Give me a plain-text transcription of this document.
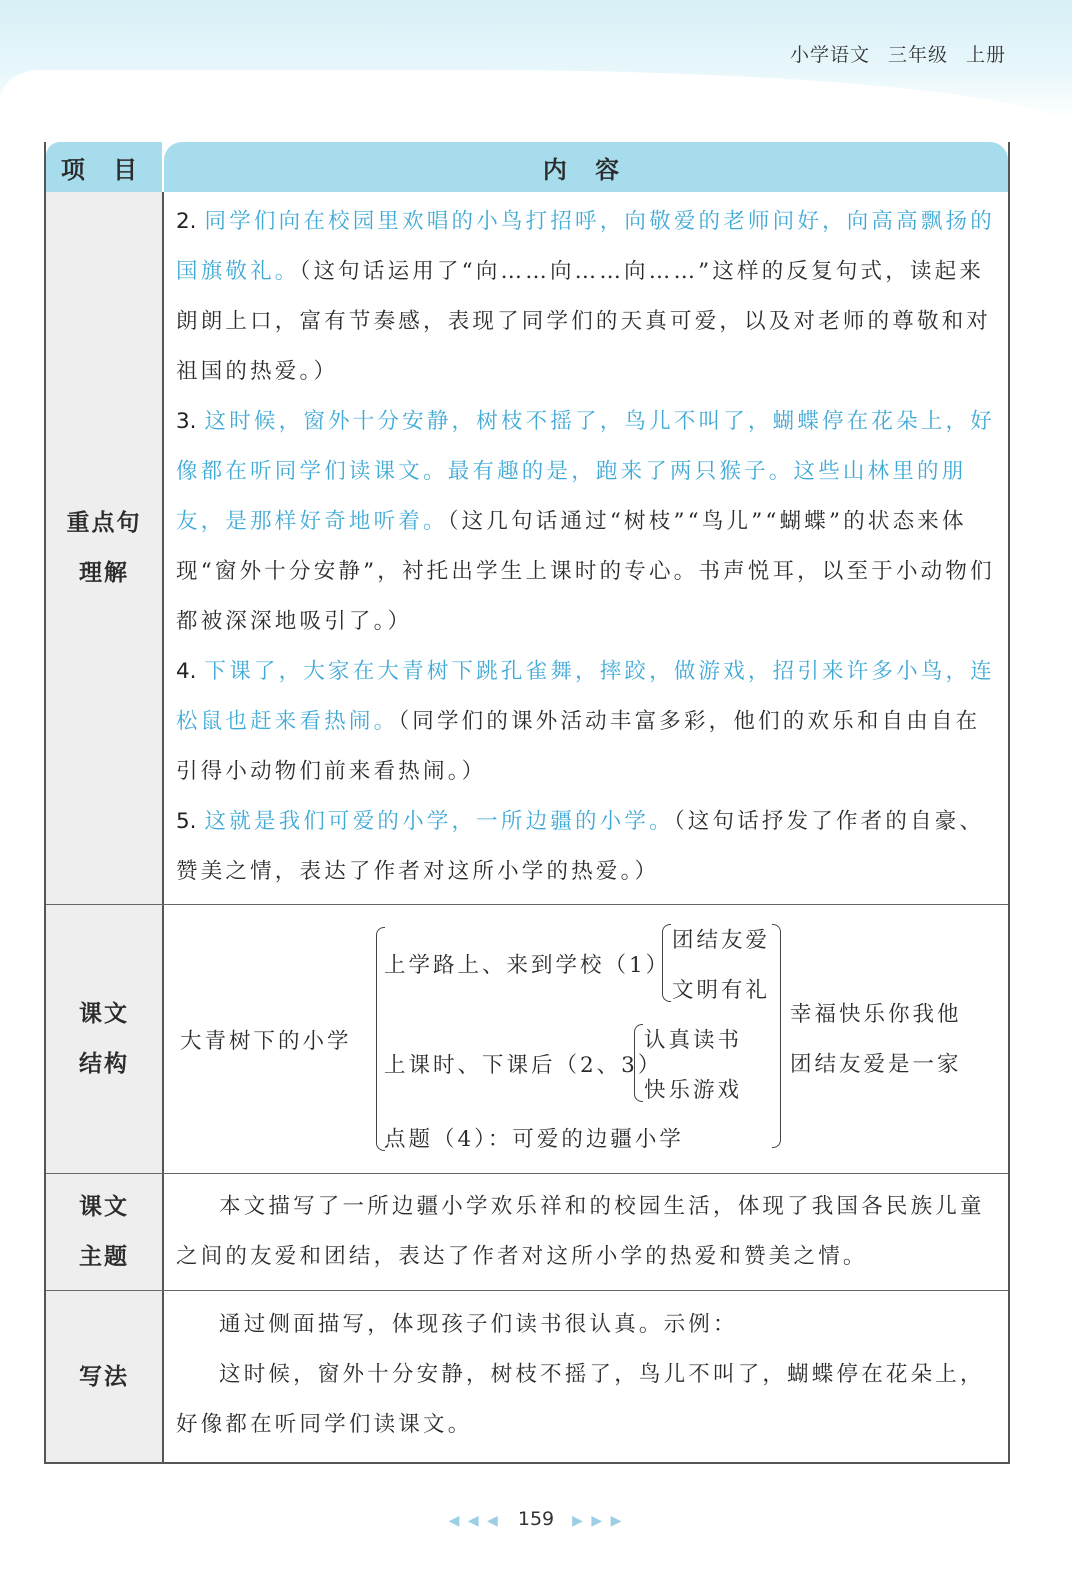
小学语文 三年级 上册
项 目	内 容
重点句
理解

2. 同学们向在校园里欢唱的小鸟打招呼，向敬爱的老师问好，向高高飘扬的国旗敬礼。（这句话运用了“向……向……向……”这样的反复句式，读起来朗朗上口，富有节奏感，表现了同学们的天真可爱，以及对老师的尊敬和对祖国的热爱。）

3. 这时候，窗外十分安静，树枝不摇了，鸟儿不叫了，蝴蝶停在花朵上，好像都在听同学们读课文。最有趣的是，跑来了两只猴子。这些山林里的朋友，是那样好奇地听着。（这几句话通过“树枝”“鸟儿”“蝴蝶”的状态来体现“窗外十分安静”，衬托出学生上课时的专心。书声悦耳，以至于小动物们都被深深地吸引了。）

4. 下课了，大家在大青树下跳孔雀舞，摔跤，做游戏，招引来许多小鸟，连松鼠也赶来看热闹。（同学们的课外活动丰富多彩，他们的欢乐和自由自在引得小动物们前来看热闹。）

5. 这就是我们可爱的小学，一所边疆的小学。（这句话抒发了作者的自豪、赞美之情，表达了作者对这所小学的热爱。）

课文
结构
大青树下的小学
上学路上、来到学校（1）
团结友爱
文明有礼
上课时、下课后（2、3）
认真读书
快乐游戏
点题（4）：可爱的边疆小学
幸福快乐你我他
团结友爱是一家
课文
主题

本文描写了一所边疆小学欢乐祥和的校园生活，体现了我国各民族儿童之间的友爱和团结，表达了作者对这所小学的热爱和赞美之情。

写法

通过侧面描写，体现孩子们读书很认真。示例：

这时候，窗外十分安静，树枝不摇了，鸟儿不叫了，蝴蝶停在花朵上，好像都在听同学们读课文。

◀ ◀ ◀ 159 ▶ ▶ ▶
